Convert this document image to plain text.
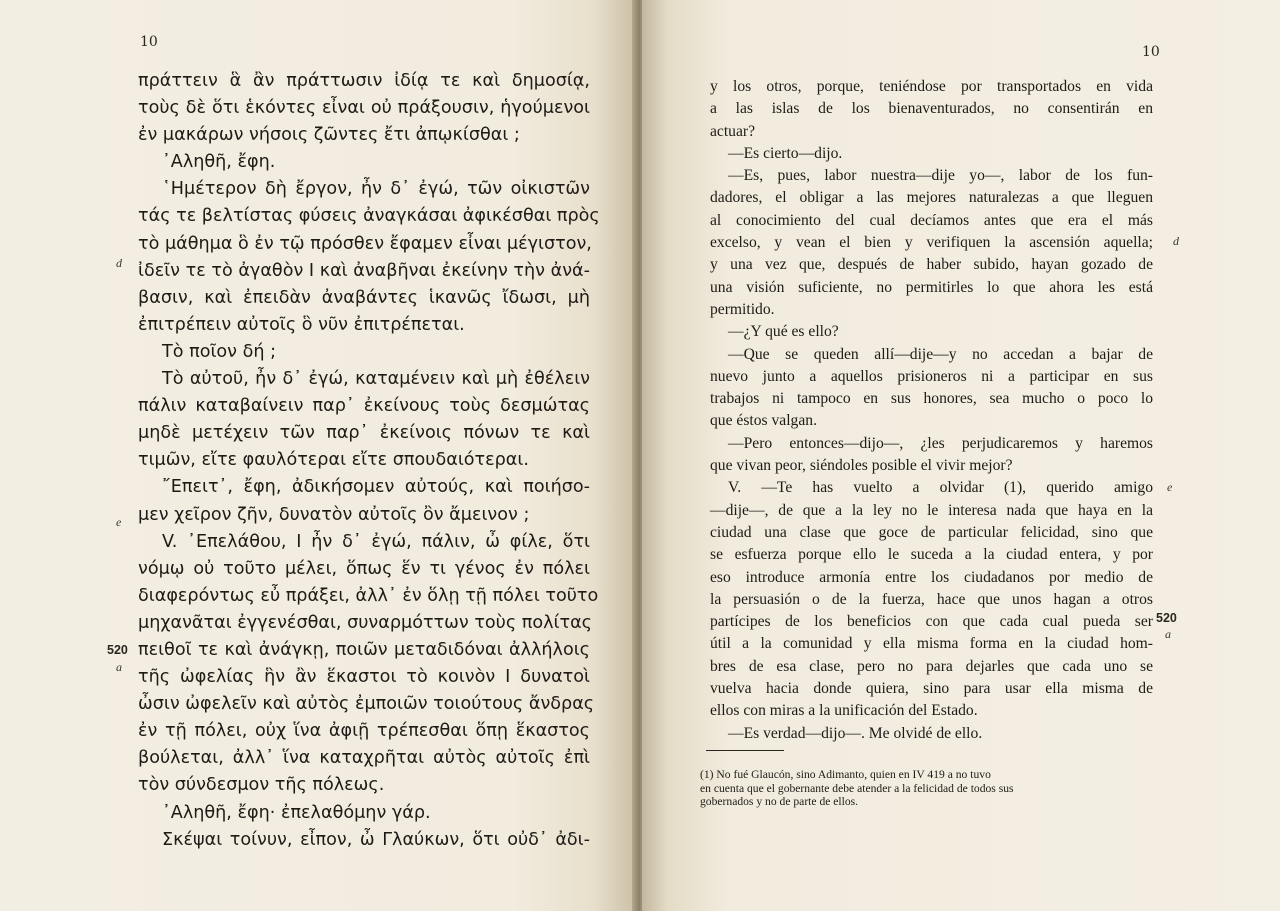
10
πράττειν ἃ ἂν πράττωσιν ἰδίᾳ τε καὶ δημοσίᾳ,
τοὺς δὲ ὅτι ἑκόντες εἶναι οὐ πράξουσιν, ἡγούμενοι
ἐν μακάρων νήσοις ζῶντες ἔτι ἀπῳκίσθαι ;
᾿Αληθῆ, ἔφη.
῾Ημέτερον δὴ ἔργον, ἦν δ᾿ ἐγώ, τῶν οἰκιστῶν
τάς τε βελτίστας φύσεις ἀναγκάσαι ἀφικέσθαι πρὸς
τὸ μάθημα ὃ ἐν τῷ πρόσθεν ἔφαμεν εἶναι μέγιστον,
ἰδεῖν τε τὸ ἀγαθὸν I καὶ ἀναβῆναι ἐκείνην τὴν ἀνά-
βασιν, καὶ ἐπειδὰν ἀναβάντες ἱκανῶς ἴδωσι, μὴ
ἐπιτρέπειν αὐτοῖς ὃ νῦν ἐπιτρέπεται.
Τὸ ποῖον δή ;
Τὸ αὐτοῦ, ἦν δ᾿ ἐγώ, καταμένειν καὶ μὴ ἐθέλειν
πάλιν καταβαίνειν παρ᾿ ἐκείνους τοὺς δεσμώτας
μηδὲ μετέχειν τῶν παρ᾿ ἐκείνοις πόνων τε καὶ
τιμῶν, εἴτε φαυλότεραι εἴτε σπουδαιότεραι.
῎Επειτ᾿, ἔφη, ἀδικήσομεν αὐτούς, καὶ ποιήσο-
μεν χεῖρον ζῆν, δυνατὸν αὐτοῖς ὂν ἄμεινον ;
V. ᾿Επελάθου, I ἦν δ᾿ ἐγώ, πάλιν, ὦ φίλε, ὅτι
νόμῳ οὐ τοῦτο μέλει, ὅπως ἕν τι γένος ἐν πόλει
διαφερόντως εὖ πράξει, ἀλλ᾿ ἐν ὅλῃ τῇ πόλει τοῦτο
μηχανᾶται ἐγγενέσθαι, συναρμόττων τοὺς πολίτας
πειθοῖ τε καὶ ἀνάγκῃ, ποιῶν μεταδιδόναι ἀλλήλοις
τῆς ὠφελίας ἣν ἂν ἕκαστοι τὸ κοινὸν I δυνατοὶ
ὦσιν ὠφελεῖν καὶ αὐτὸς ἐμποιῶν τοιούτους ἄνδρας
ἐν τῇ πόλει, οὐχ ἵνα ἀφιῇ τρέπεσθαι ὅπῃ ἕκαστος
βούλεται, ἀλλ᾿ ἵνα καταχρῆται αὐτὸς αὐτοῖς ἐπὶ
τὸν σύνδεσμον τῆς πόλεως.
᾿Αληθῆ, ἔφη· ἐπελαθόμην γάρ.
Σκέψαι τοίνυν, εἶπον, ὦ Γλαύκων, ὅτι οὐδ᾿ ἀδι-
d
e
520
a
10
y los otros, porque, teniéndose por transportados en vida
a las islas de los bienaventurados, no consentirán en
actuar?
—Es cierto—dijo.
—Es, pues, labor nuestra—dije yo—, labor de los fun-
dadores, el obligar a las mejores naturalezas a que lleguen
al conocimiento del cual decíamos antes que era el más
excelso, y vean el bien y verifiquen la ascensión aquella;
y una vez que, después de haber subido, hayan gozado de
una visión suficiente, no permitirles lo que ahora les está
permitido.
—¿Y qué es ello?
—Que se queden allí—dije—y no accedan a bajar de
nuevo junto a aquellos prisioneros ni a participar en sus
trabajos ni tampoco en sus honores, sea mucho o poco lo
que éstos valgan.
—Pero entonces—dijo—, ¿les perjudicaremos y haremos
que vivan peor, siéndoles posible el vivir mejor?
V. —Te has vuelto a olvidar (1), querido amigo
—dije—, de que a la ley no le interesa nada que haya en la
ciudad una clase que goce de particular felicidad, sino que
se esfuerza porque ello le suceda a la ciudad entera, y por
eso introduce armonía entre los ciudadanos por medio de
la persuasión o de la fuerza, hace que unos hagan a otros
partícipes de los beneficios con que cada cual pueda ser
útil a la comunidad y ella misma forma en la ciudad hom-
bres de esa clase, pero no para dejarles que cada uno se
vuelva hacia donde quiera, sino para usar ella misma de
ellos con miras a la unificación del Estado.
—Es verdad—dijo—. Me olvidé de ello.
d
e
520
a
(1) No fué Glaucón, sino Adimanto, quien en IV 419 a no tuvo
en cuenta que el gobernante debe atender a la felicidad de todos sus
gobernados y no de parte de ellos.
